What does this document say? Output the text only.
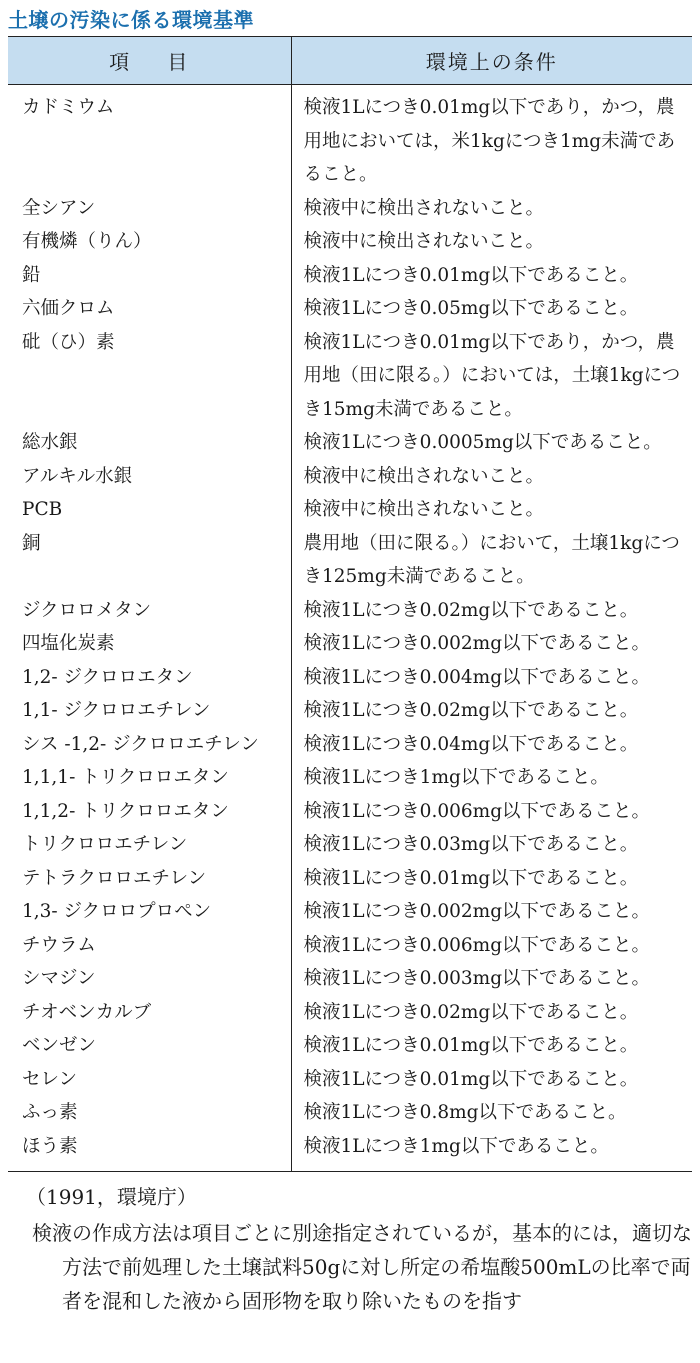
土壌の汚染に係る環境基準
項 目	環境上の条件
カドミウム	検液1Lにつき0.01mg以下であり，かつ，農用地においては，米1kgにつき1mg未満であること。
全シアン	検液中に検出されないこと。
有機燐（りん）	検液中に検出されないこと。
鉛	検液1Lにつき0.01mg以下であること。
六価クロム	検液1Lにつき0.05mg以下であること。
砒（ひ）素	検液1Lにつき0.01mg以下であり，かつ，農用地（田に限る。）においては，土壌1kgにつき15mg未満であること。
総水銀	検液1Lにつき0.0005mg以下であること。
アルキル水銀	検液中に検出されないこと。
PCB	検液中に検出されないこと。
銅	農用地（田に限る。）において，土壌1kgにつき125mg未満であること。
ジクロロメタン	検液1Lにつき0.02mg以下であること。
四塩化炭素	検液1Lにつき0.002mg以下であること。
1,2- ジクロロエタン	検液1Lにつき0.004mg以下であること。
1,1- ジクロロエチレン	検液1Lにつき0.02mg以下であること。
シス -1,2- ジクロロエチレン	検液1Lにつき0.04mg以下であること。
1,1,1- トリクロロエタン	検液1Lにつき1mg以下であること。
1,1,2- トリクロロエタン	検液1Lにつき0.006mg以下であること。
トリクロロエチレン	検液1Lにつき0.03mg以下であること。
テトラクロロエチレン	検液1Lにつき0.01mg以下であること。
1,3- ジクロロプロペン	検液1Lにつき0.002mg以下であること。
チウラム	検液1Lにつき0.006mg以下であること。
シマジン	検液1Lにつき0.003mg以下であること。
チオベンカルブ	検液1Lにつき0.02mg以下であること。
ベンゼン	検液1Lにつき0.01mg以下であること。
セレン	検液1Lにつき0.01mg以下であること。
ふっ素	検液1Lにつき0.8mg以下であること。
ほう素	検液1Lにつき1mg以下であること。
（1991，環境庁）
検液の作成方法は項目ごとに別途指定されているが，基本的には，適切な方法で前処理した土壌試料50gに対し所定の希塩酸500mLの比率で両者を混和した液から固形物を取り除いたものを指す
